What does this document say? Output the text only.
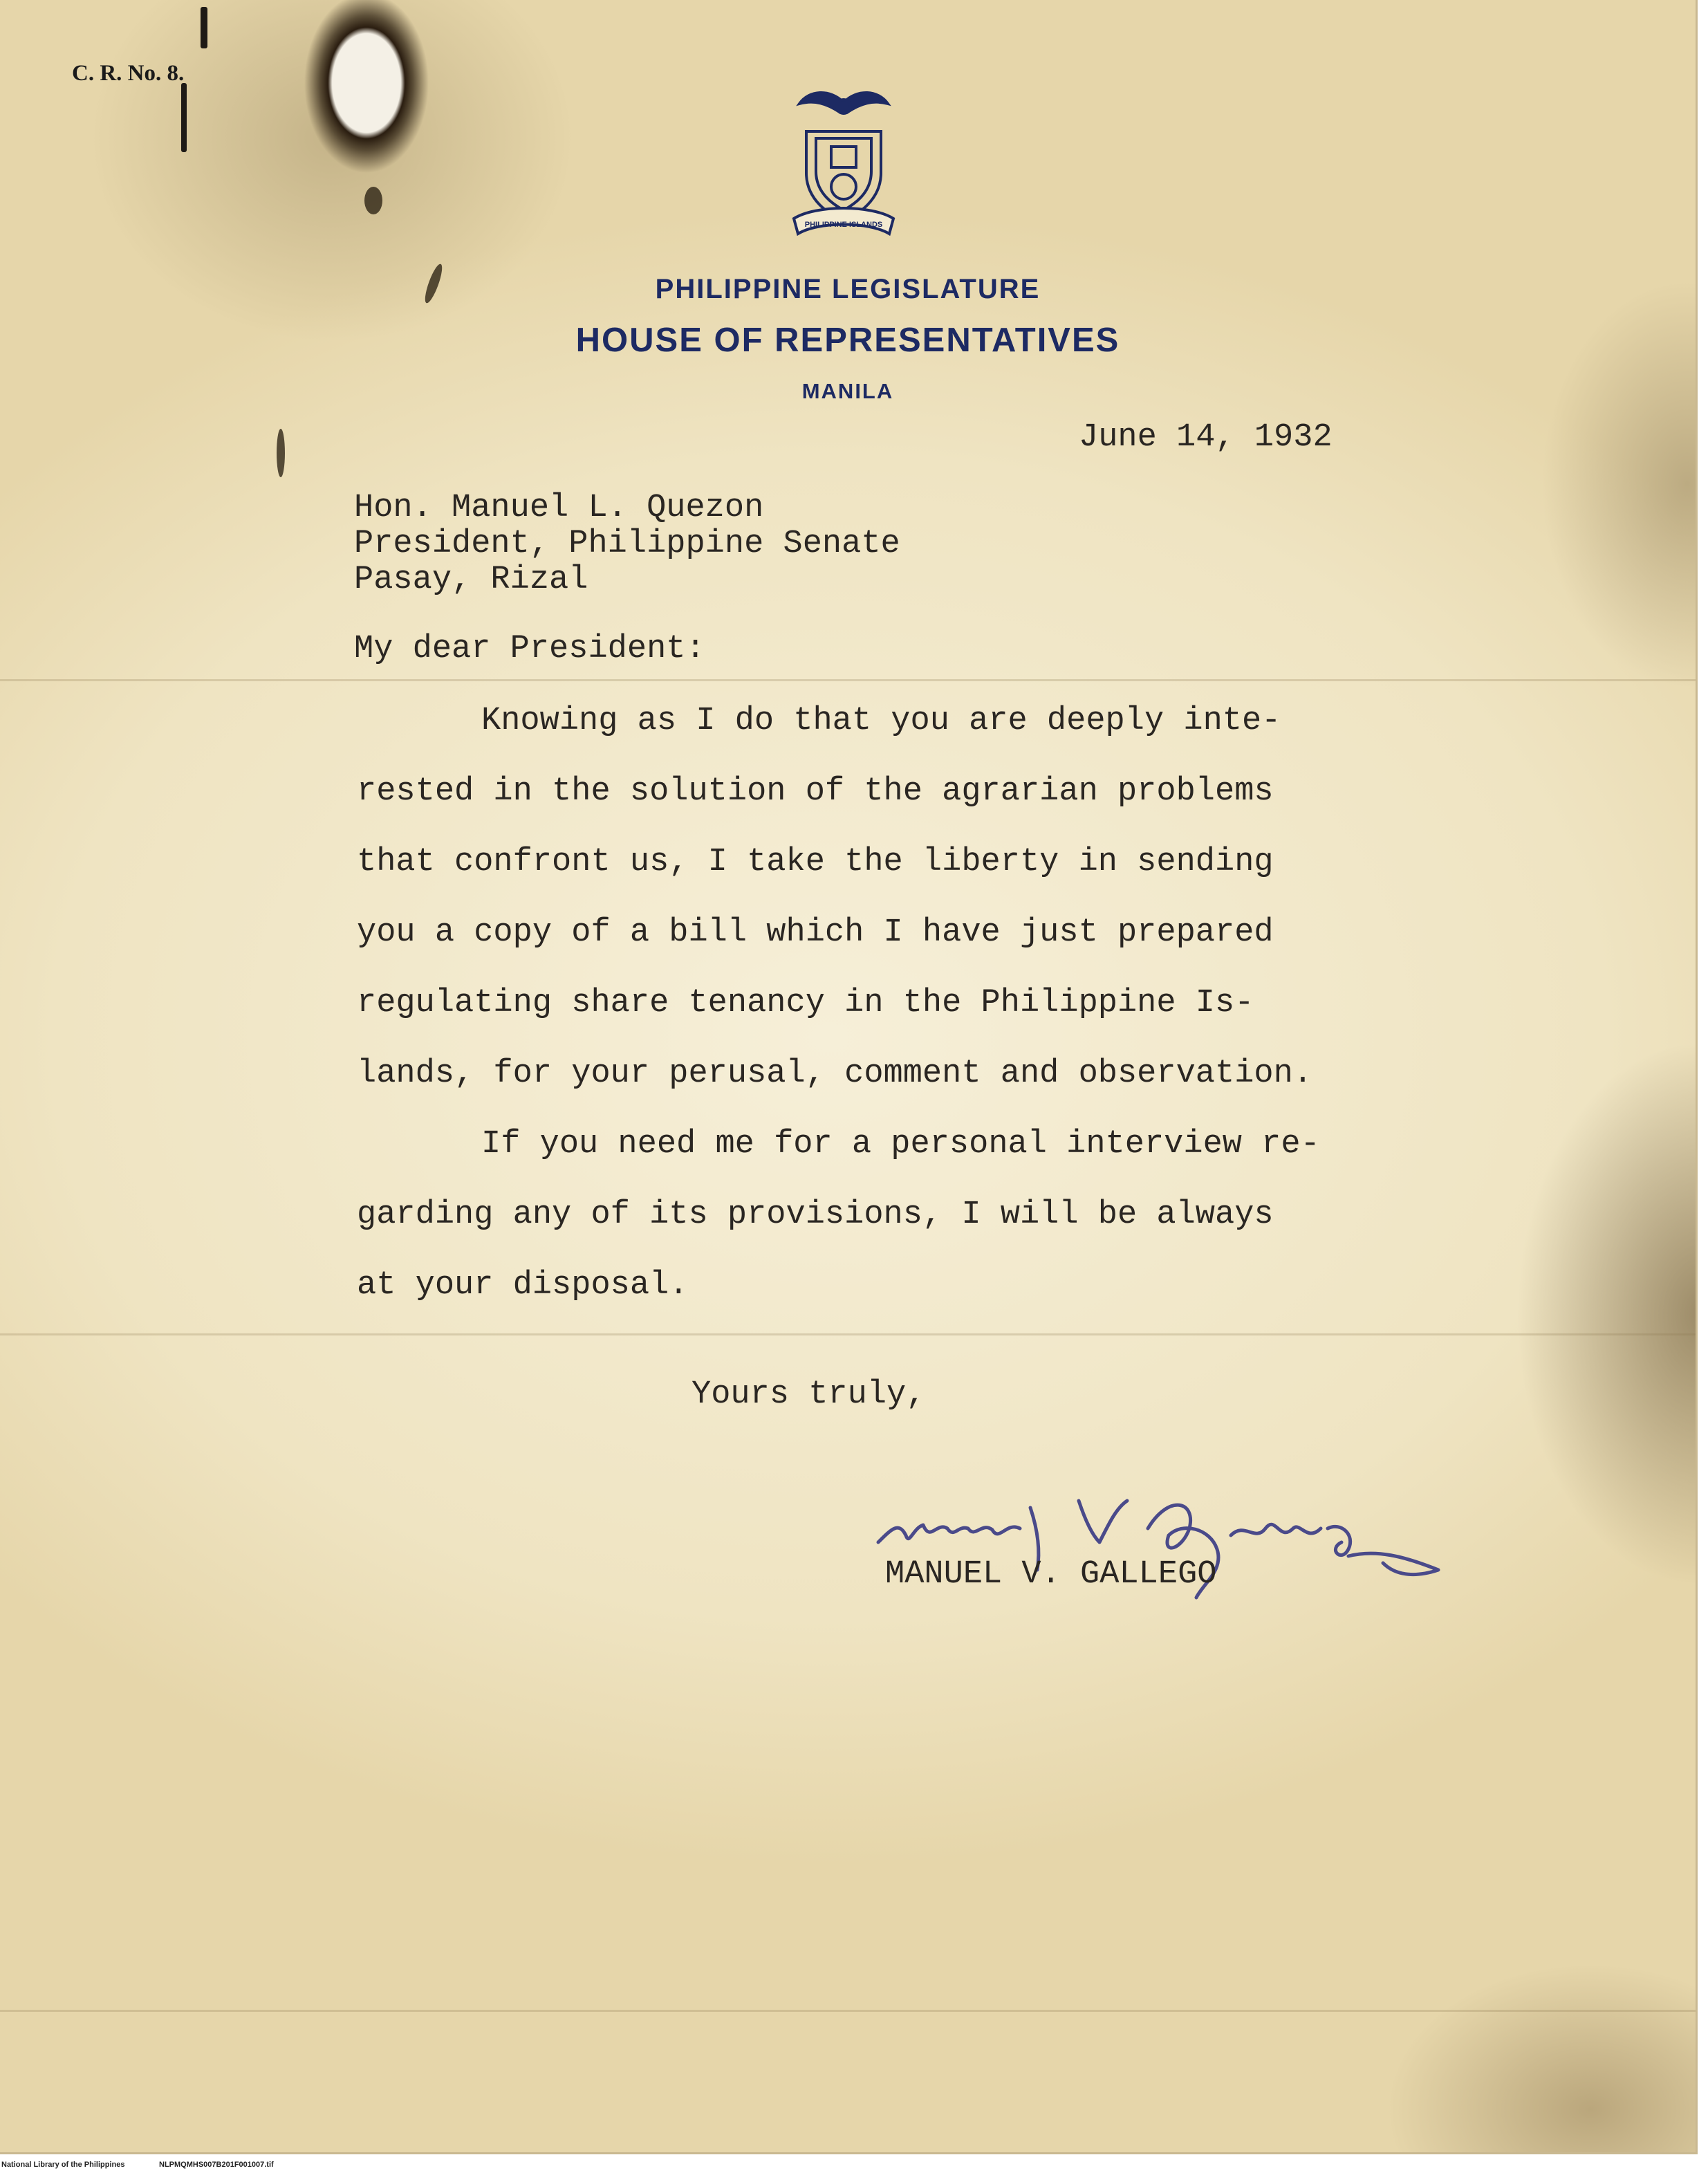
C. R. No. 8.
PHILIPPINE ISLANDS
PHILIPPINE LEGISLATURE
HOUSE OF REPRESENTATIVES
MANILA
June 14, 1932
Hon. Manuel L. Quezon
President, Philippine Senate
Pasay, Rizal
My dear President:
Knowing as I do that you are deeply inte-
rested in the solution of the agrarian problems
that confront us, I take the liberty in sending
you a copy of a bill which I have just prepared
regulating share tenancy in the Philippine Is-
lands, for your perusal, comment and observation.
If you need me for a personal interview re-
garding any of its provisions, I will be always
at your disposal.
Yours truly,
MANUEL V. GALLEGO
National Library of the Philippines	NLPMQMHS007B201F001007.tif
